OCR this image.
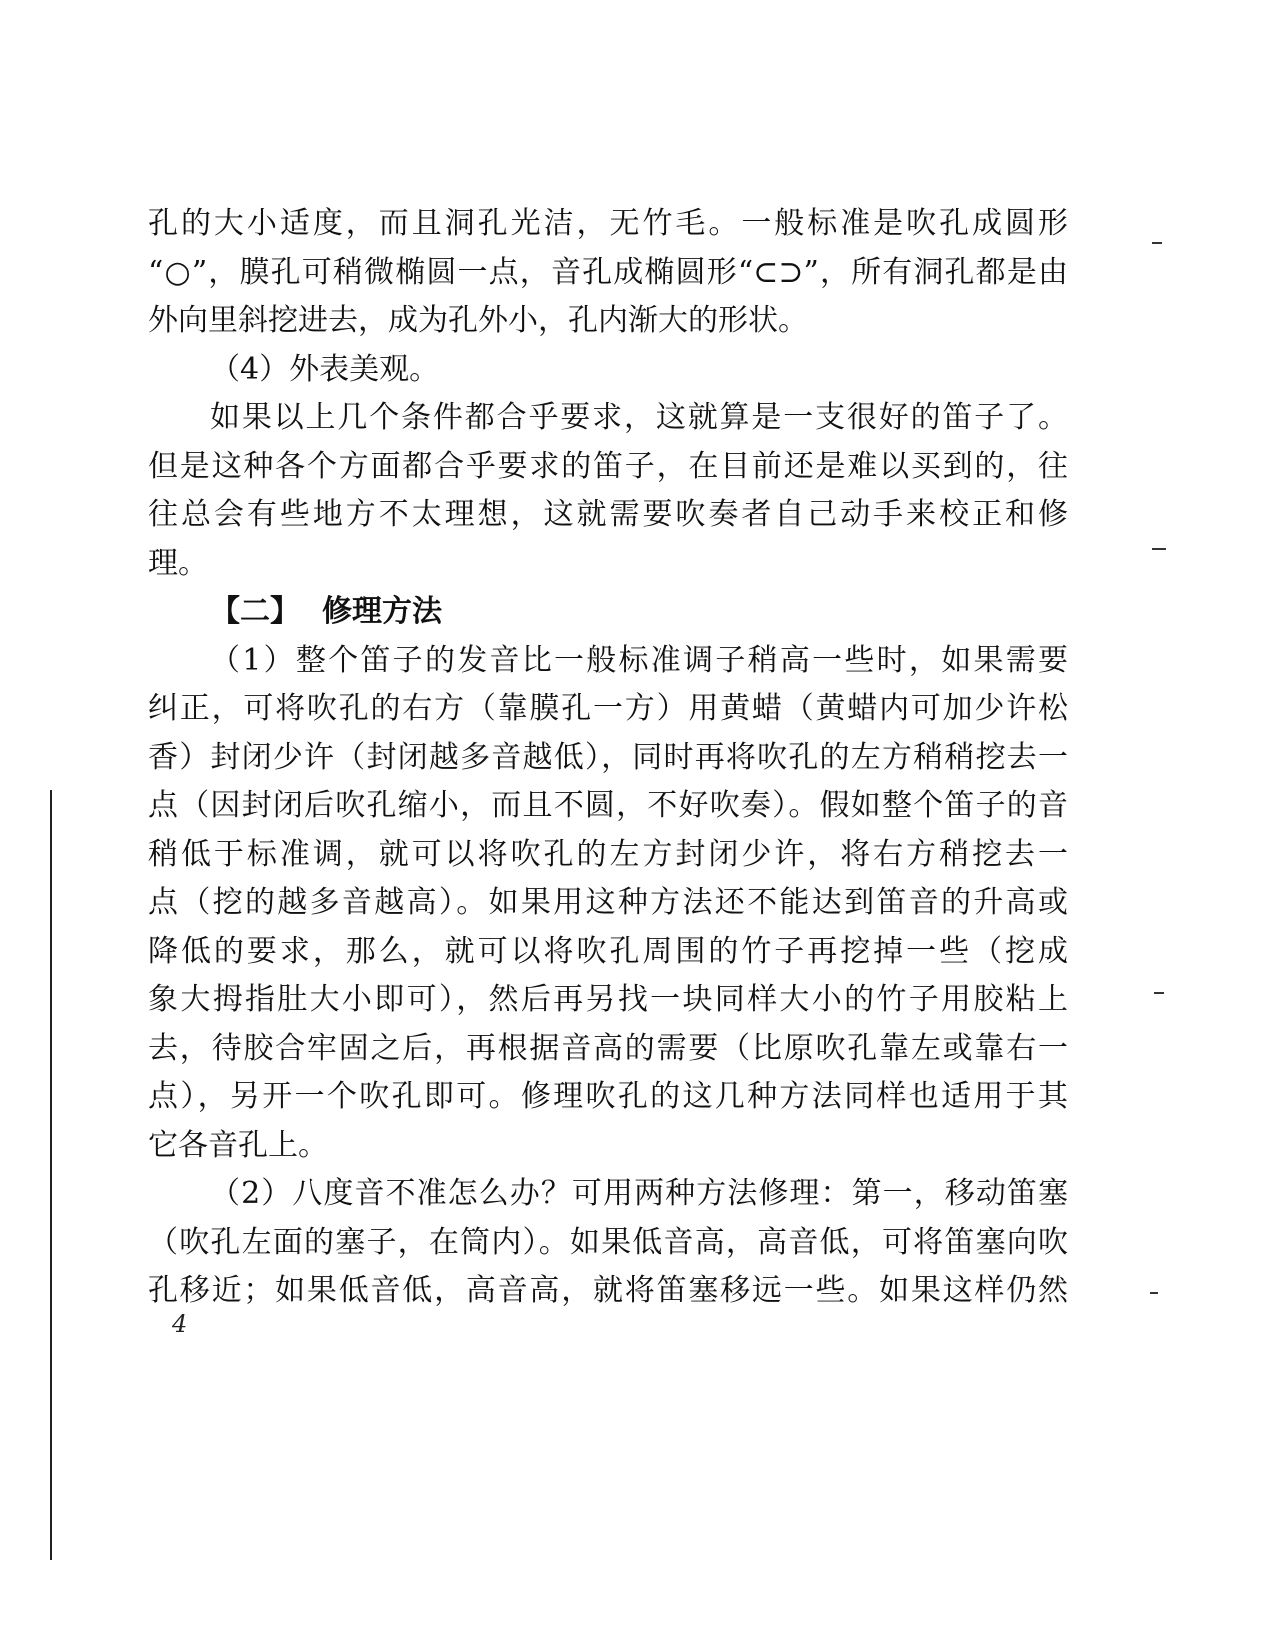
孔的大小适度，而且洞孔光洁，无竹毛。一般标准是吹孔成圆形
“○”，膜孔可稍微椭圆一点，音孔成椭圆形“⊂⊃”，所有洞孔都是由
外向里斜挖进去，成为孔外小，孔内渐大的形状。
（4）外表美观。
如果以上几个条件都合乎要求，这就算是一支很好的笛子了。
但是这种各个方面都合乎要求的笛子，在目前还是难以买到的，往
往总会有些地方不太理想，这就需要吹奏者自己动手来校正和修
理。
【二】 修理方法
（1）整个笛子的发音比一般标准调子稍高一些时，如果需要
纠正，可将吹孔的右方（靠膜孔一方）用黄蜡（黄蜡内可加少许松
香）封闭少许（封闭越多音越低），同时再将吹孔的左方稍稍挖去一
点（因封闭后吹孔缩小，而且不圆，不好吹奏）。假如整个笛子的音
稍低于标准调，就可以将吹孔的左方封闭少许，将右方稍挖去一
点（挖的越多音越高）。如果用这种方法还不能达到笛音的升高或
降低的要求，那么，就可以将吹孔周围的竹子再挖掉一些（挖成
象大拇指肚大小即可），然后再另找一块同样大小的竹子用胶粘上
去，待胶合牢固之后，再根据音高的需要（比原吹孔靠左或靠右一
点），另开一个吹孔即可。修理吹孔的这几种方法同样也适用于其
它各音孔上。
（2）八度音不准怎么办？可用两种方法修理：第一，移动笛塞
（吹孔左面的塞子，在筒内）。如果低音高，高音低，可将笛塞向吹
孔移近；如果低音低，高音高，就将笛塞移远一些。如果这样仍然
4
